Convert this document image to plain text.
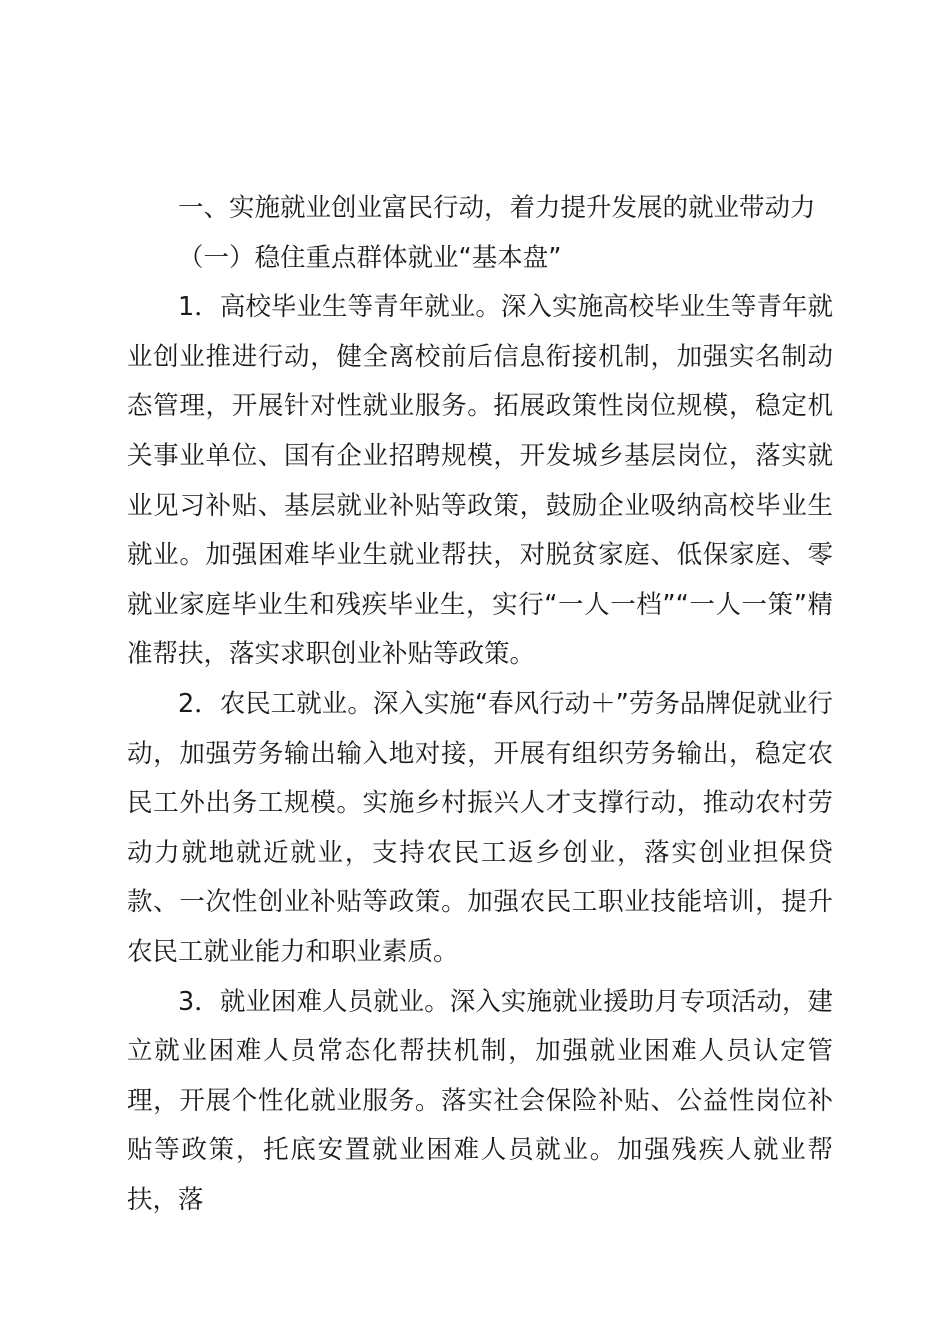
一、实施就业创业富民行动，着力提升发展的就业带动力

（一）稳住重点群体就业“基本盘”

1．高校毕业生等青年就业。深入实施高校毕业生等青年就业创业推进行动，健全离校前后信息衔接机制，加强实名制动态管理，开展针对性就业服务。拓展政策性岗位规模，稳定机关事业单位、国有企业招聘规模，开发城乡基层岗位，落实就业见习补贴、基层就业补贴等政策，鼓励企业吸纳高校毕业生就业。加强困难毕业生就业帮扶，对脱贫家庭、低保家庭、零就业家庭毕业生和残疾毕业生，实行“一人一档”“一人一策”精准帮扶，落实求职创业补贴等政策。

2．农民工就业。深入实施“春风行动＋”劳务品牌促就业行动，加强劳务输出输入地对接，开展有组织劳务输出，稳定农民工外出务工规模。实施乡村振兴人才支撑行动，推动农村劳动力就地就近就业，支持农民工返乡创业，落实创业担保贷款、一次性创业补贴等政策。加强农民工职业技能培训，提升农民工就业能力和职业素质。

3．就业困难人员就业。深入实施就业援助月专项活动，建立就业困难人员常态化帮扶机制，加强就业困难人员认定管理，开展个性化就业服务。落实社会保险补贴、公益性岗位补贴等政策，托底安置就业困难人员就业。加强残疾人就业帮扶，落
